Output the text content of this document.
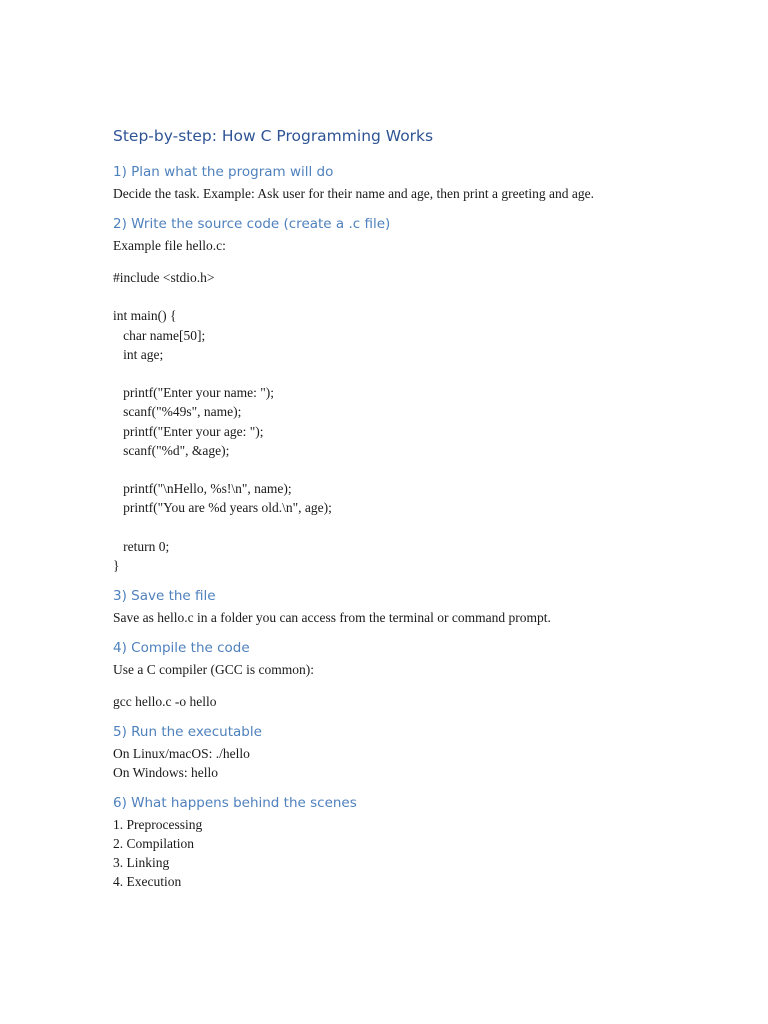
Step-by-step: How C Programming Works
1) Plan what the program will do

Decide the task. Example: Ask user for their name and age, then print a greeting and age.

2) Write the source code (create a .c file)

Example file hello.c:

#include <stdio.h>

int main() {

char name[50];

int age;

printf("Enter your name: ");

scanf("%49s", name);

printf("Enter your age: ");

scanf("%d", &age);

printf("\nHello, %s!\n", name);

printf("You are %d years old.\n", age);

return 0;

}

3) Save the file

Save as hello.c in a folder you can access from the terminal or command prompt.

4) Compile the code

Use a C compiler (GCC is common):

gcc hello.c -o hello

5) Run the executable

On Linux/macOS: ./hello

On Windows: hello

6) What happens behind the scenes

1. Preprocessing

2. Compilation

3. Linking

4. Execution
